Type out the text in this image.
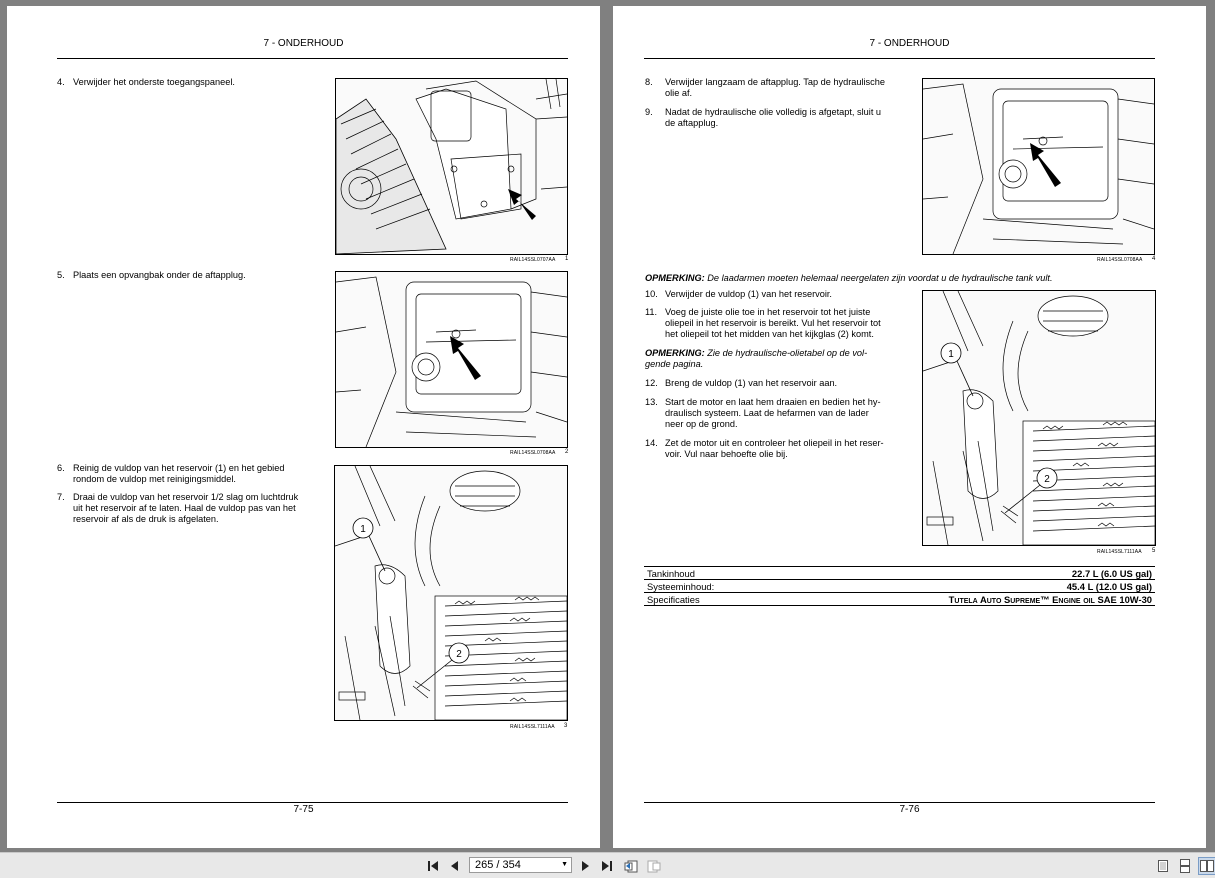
7 - ONDERHOUD
4. Verwijder het onderste toegangspaneel.
RAIL14SSL0707AA 1
5. Plaats een opvangbak onder de aftapplug.
RAIL14SSL0708AA 2
6. Reinig de vuldop van het reservoir (1) en het gebied
rondom de vuldop met reinigingsmiddel.
7. Draai de vuldop van het reservoir 1/2 slag om luchtdruk
uit het reservoir af te laten. Haal de vuldop pas van het
reservoir af als de druk is afgelaten.
1
2
RAIL14SSL7111AA 3
7-75
7 - ONDERHOUD
8. Verwijder langzaam de aftapplug. Tap de hydraulische
olie af.
9. Nadat de hydraulische olie volledig is afgetapt, sluit u
de aftapplug.
RAIL14SSL0708AA 4
OPMERKING: De laadarmen moeten helemaal neergelaten zijn voordat u de hydraulische tank vult.
10. Verwijder de vuldop (1) van het reservoir.
11. Voeg de juiste olie toe in het reservoir tot het juiste
oliepeil in het reservoir is bereikt. Vul het reservoir tot
het oliepeil tot het midden van het kijkglas (2) komt.
OPMERKING: Zie de hydraulische-olietabel op de vol-
gende pagina.
12. Breng de vuldop (1) van het reservoir aan.
13. Start de motor en laat hem draaien en bedien het hy-
draulisch systeem. Laat de hefarmen van de lader
neer op de grond.
14. Zet de motor uit en controleer het oliepeil in het reser-
voir. Vul naar behoefte olie bij.
1
2
RAIL14SSL7111AA 5
Tankinhoud	22.7 L (6.0 US gal)
Systeeminhoud:	45.4 L (12.0 US gal)
Specificaties	Tutela Auto Supreme™ Engine oil SAE 10W-30
7-76
265 / 354	▼
